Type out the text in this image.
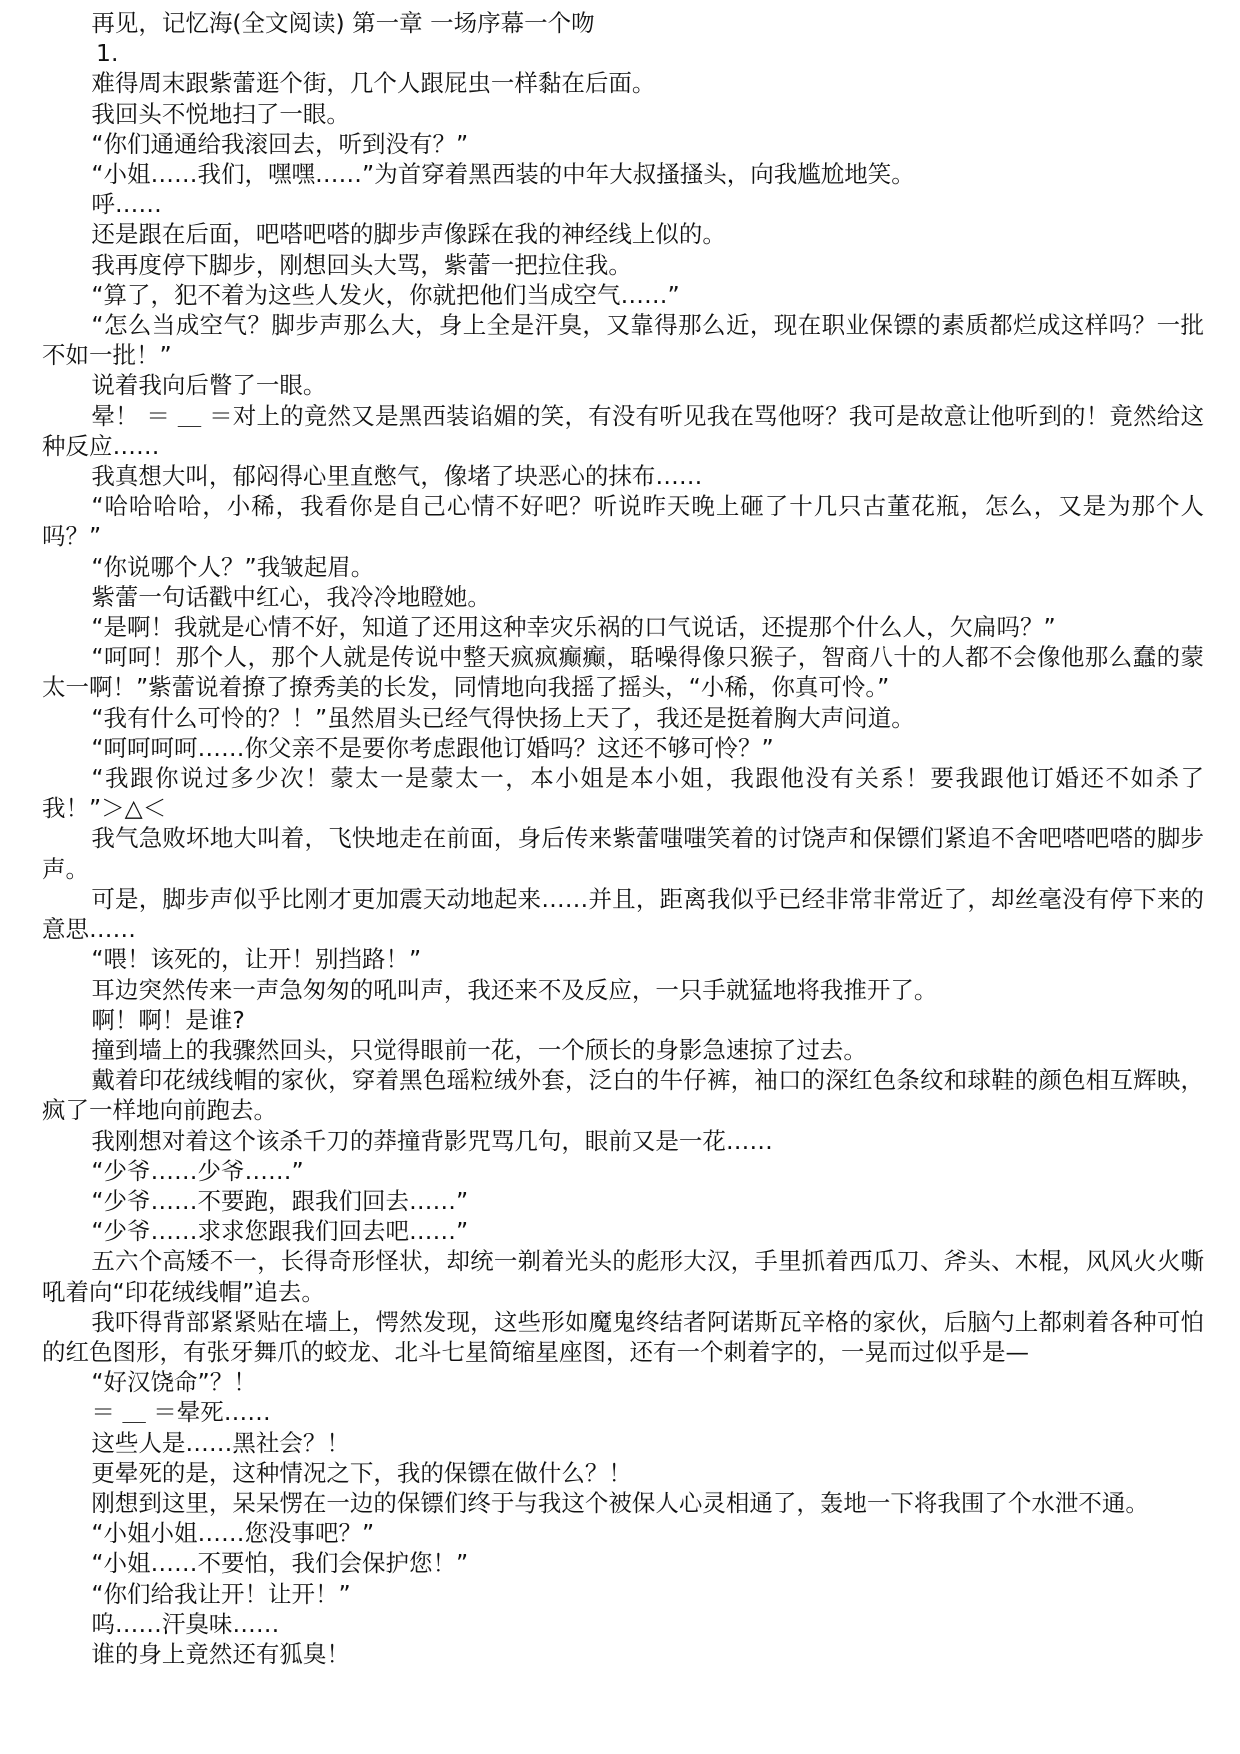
再见，记忆海(全文阅读) 第一章 一场序幕一个吻

1.

难得周末跟紫蕾逛个街，几个人跟屁虫一样黏在后面。

我回头不悦地扫了一眼。

“你们通通给我滚回去，听到没有？”

“小姐……我们，嘿嘿……”为首穿着黑西装的中年大叔搔搔头，向我尴尬地笑。

呼……

还是跟在后面，吧嗒吧嗒的脚步声像踩在我的神经线上似的。

我再度停下脚步，刚想回头大骂，紫蕾一把拉住我。

“算了，犯不着为这些人发火，你就把他们当成空气……”

“怎么当成空气？脚步声那么大，身上全是汗臭，又靠得那么近，现在职业保镖的素质都烂成这样吗？一批不如一批！”

说着我向后瞥了一眼。

晕！ ＝ ＿ ＝对上的竟然又是黑西装谄媚的笑，有没有听见我在骂他呀？我可是故意让他听到的！竟然给这种反应……

我真想大叫，郁闷得心里直憋气，像堵了块恶心的抹布……

“哈哈哈哈，小稀，我看你是自己心情不好吧？听说昨天晚上砸了十几只古董花瓶，怎么，又是为那个人吗？”

“你说哪个人？”我皱起眉。

紫蕾一句话戳中红心，我冷冷地瞪她。

“是啊！我就是心情不好，知道了还用这种幸灾乐祸的口气说话，还提那个什么人，欠扁吗？”

“呵呵！那个人，那个人就是传说中整天疯疯癫癫，聒噪得像只猴子，智商八十的人都不会像他那么蠢的蒙太一啊！”紫蕾说着撩了撩秀美的长发，同情地向我摇了摇头，“小稀，你真可怜。”

“我有什么可怜的？！”虽然眉头已经气得快扬上天了，我还是挺着胸大声问道。

“呵呵呵呵……你父亲不是要你考虑跟他订婚吗？这还不够可怜？”

“我跟你说过多少次！蒙太一是蒙太一，本小姐是本小姐，我跟他没有关系！要我跟他订婚还不如杀了我！”＞△＜

我气急败坏地大叫着，飞快地走在前面，身后传来紫蕾嗤嗤笑着的讨饶声和保镖们紧追不舍吧嗒吧嗒的脚步声。

可是，脚步声似乎比刚才更加震天动地起来……并且，距离我似乎已经非常非常近了，却丝毫没有停下来的意思……

“喂！该死的，让开！别挡路！”

耳边突然传来一声急匆匆的吼叫声，我还来不及反应，一只手就猛地将我推开了。

啊！啊！是谁?

撞到墙上的我骤然回头，只觉得眼前一花，一个颀长的身影急速掠了过去。

戴着印花绒线帽的家伙，穿着黑色瑶粒绒外套，泛白的牛仔裤，袖口的深红色条纹和球鞋的颜色相互辉映，疯了一样地向前跑去。

我刚想对着这个该杀千刀的莽撞背影咒骂几句，眼前又是一花……

“少爷……少爷……”

“少爷……不要跑，跟我们回去……”

“少爷……求求您跟我们回去吧……”

五六个高矮不一，长得奇形怪状，却统一剃着光头的彪形大汉，手里抓着西瓜刀、斧头、木棍，风风火火嘶吼着向“印花绒线帽”追去。

我吓得背部紧紧贴在墙上，愕然发现，这些形如魔鬼终结者阿诺斯瓦辛格的家伙，后脑勺上都刺着各种可怕的红色图形，有张牙舞爪的蛟龙、北斗七星简缩星座图，还有一个刺着字的，一晃而过似乎是—

“好汉饶命”？！

＝ ＿ ＝晕死……

这些人是……黑社会？！

更晕死的是，这种情况之下，我的保镖在做什么？！

刚想到这里，呆呆愣在一边的保镖们终于与我这个被保人心灵相通了，轰地一下将我围了个水泄不通。

“小姐小姐……您没事吧？”

“小姐……不要怕，我们会保护您！”

“你们给我让开！让开！”

呜……汗臭味……

谁的身上竟然还有狐臭！
